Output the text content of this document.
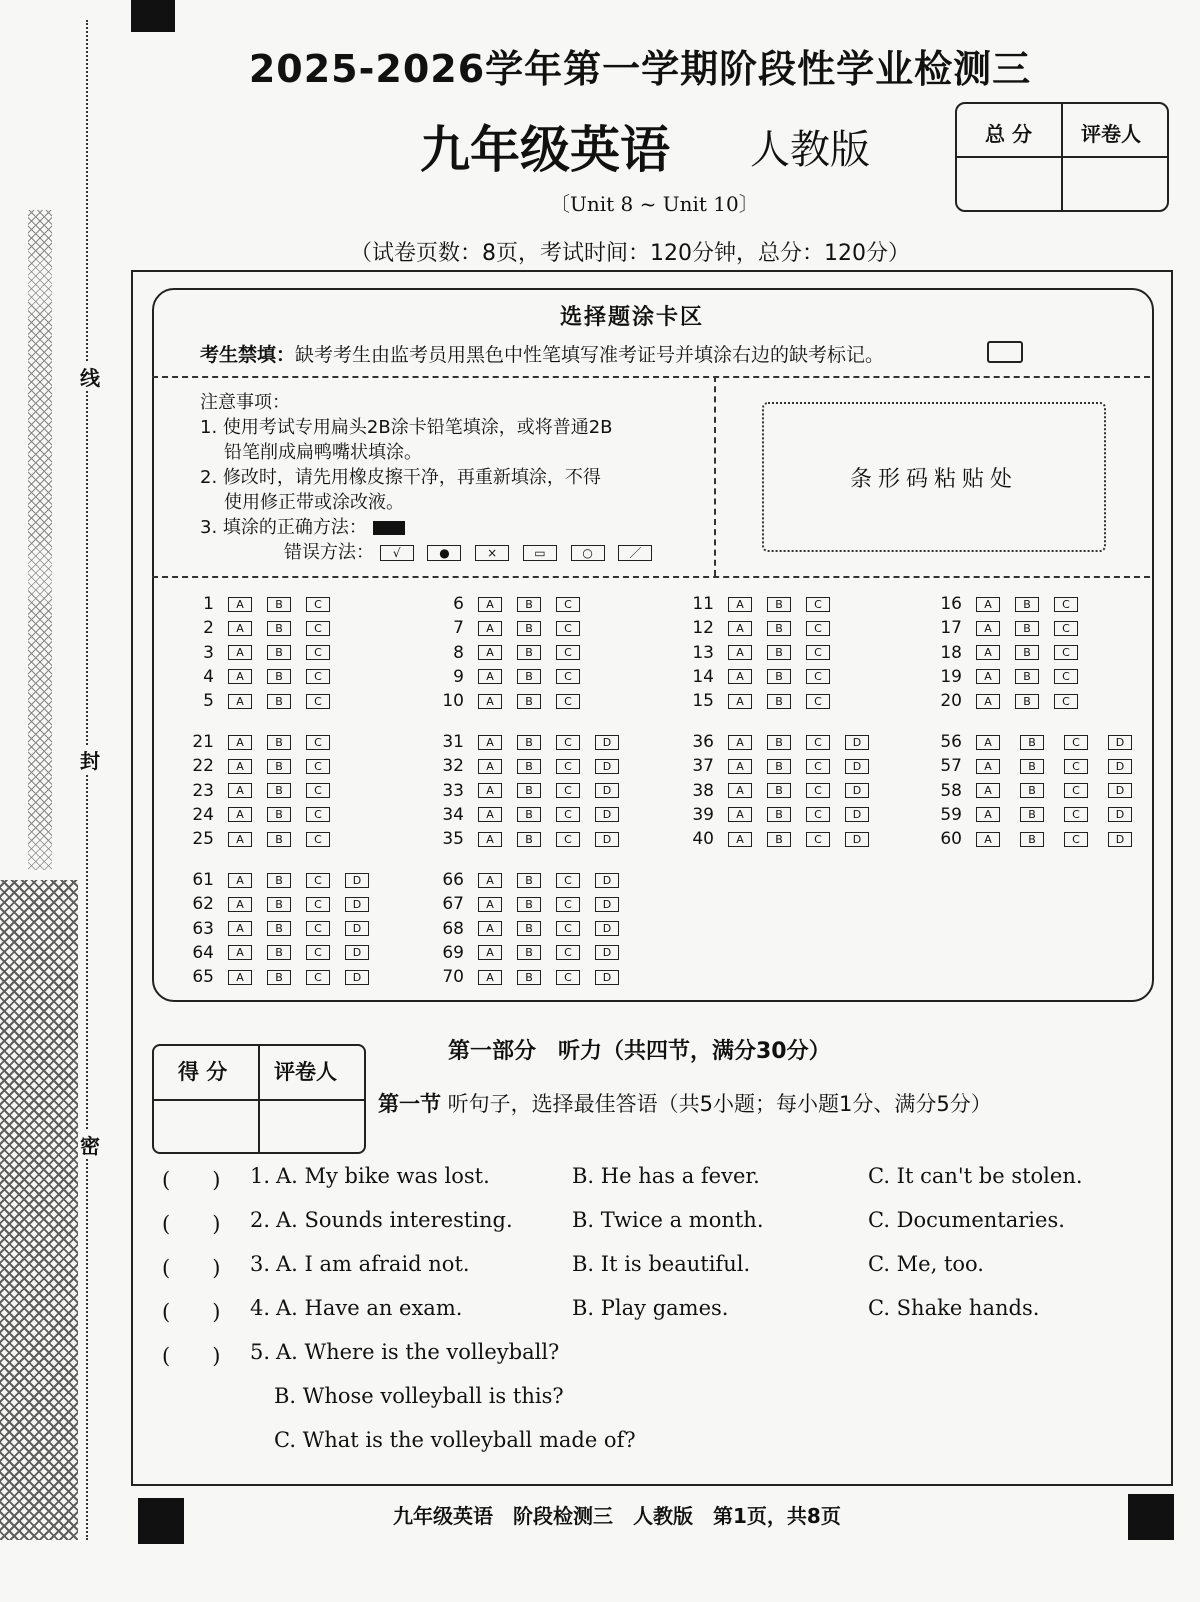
线
封
密
2025-2026学年第一学期阶段性学业检测三
九年级英语 人教版
〔Unit 8 ~ Unit 10〕
（试卷页数：8页，考试时间：120分钟，总分：120分）
总 分 评卷人
选择题涂卡区
考生禁填：缺考考生由监考员用黑色中性笔填写准考证号并填涂右边的缺考标记。
注意事项：
1. 使用考试专用扁头2B涂卡铅笔填涂，或将普通2B
铅笔削成扁鸭嘴状填涂。
2. 修改时，请先用橡皮擦干净，再重新填涂，不得
使用修正带或涂改液。
3. 填涂的正确方法：
错误方法： √	●	×	▭	○	／
条形码粘贴处
1	A	B	C
2	A	B	C
3	A	B	C
4	A	B	C
5	A	B	C
6	A	B	C
7	A	B	C
8	A	B	C
9	A	B	C
10	A	B	C
11	A	B	C
12	A	B	C
13	A	B	C
14	A	B	C
15	A	B	C
16	A	B	C
17	A	B	C
18	A	B	C
19	A	B	C
20	A	B	C
21	A	B	C
22	A	B	C
23	A	B	C
24	A	B	C
25	A	B	C
31	A	B	C	D
32	A	B	C	D
33	A	B	C	D
34	A	B	C	D
35	A	B	C	D
36	A	B	C	D
37	A	B	C	D
38	A	B	C	D
39	A	B	C	D
40	A	B	C	D
56	A	B	C	D
57	A	B	C	D
58	A	B	C	D
59	A	B	C	D
60	A	B	C	D
61	A	B	C	D
62	A	B	C	D
63	A	B	C	D
64	A	B	C	D
65	A	B	C	D
66	A	B	C	D
67	A	B	C	D
68	A	B	C	D
69	A	B	C	D
70	A	B	C	D
得 分 评卷人
第一部分　听力（共四节，满分30分）
第一节 听句子，选择最佳答语（共5小题；每小题1分、满分5分）
(　　) 1. A. My bike was lost.	B. He has a fever.	C. It can't be stolen.
(　　) 2. A. Sounds interesting.	B. Twice a month.	C. Documentaries.
(　　) 3. A. I am afraid not.	B. It is beautiful.	C. Me, too.
(　　) 4. A. Have an exam.	B. Play games.	C. Shake hands.
(　　) 5. A. Where is the volleyball?
B. Whose volleyball is this?
C. What is the volleyball made of?
九年级英语　阶段检测三　人教版　第1页，共8页
